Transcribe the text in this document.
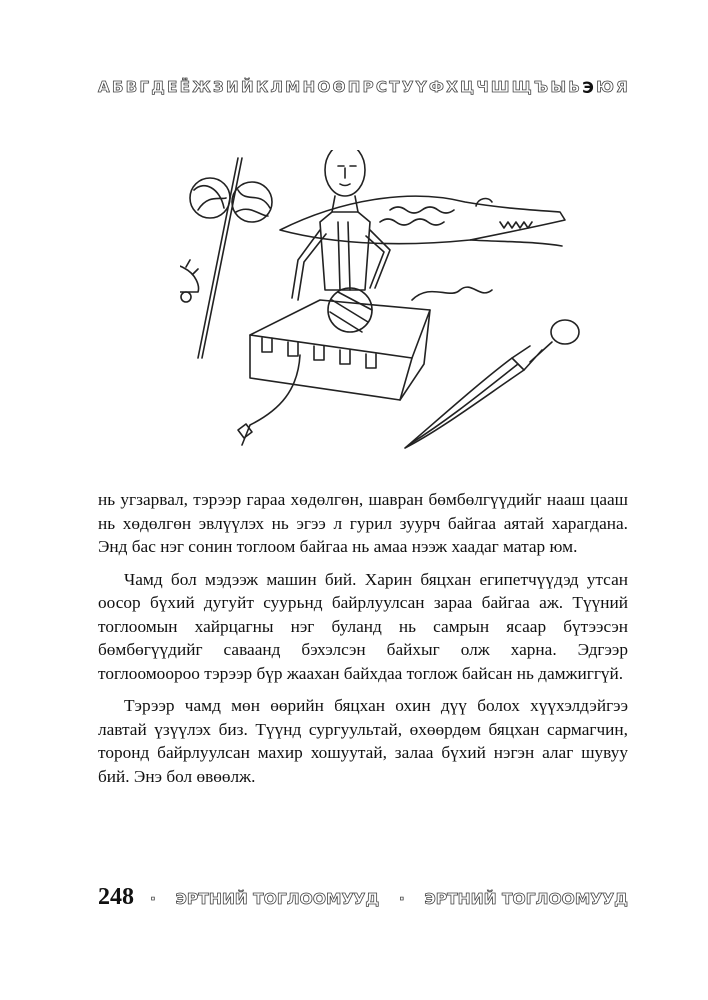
А Б В Г Д Е Ё Ж З И Й К Л М Н О Ө П Р С Т У Ү Ф Х Ц Ч Ш Щ Ъ Ы Ь Э Ю Я

нь угзарвал, тэрээр гараа хөдөлгөн, шавран бөмбөлгүүдийг нааш цааш нь хөдөлгөн эвлүүлэх нь эгээ л гурил зуурч байгаа аятай харагдана. Энд бас нэг сонин тоглоом байгаа нь амаа нээж хаадаг матар юм.

Чамд бол мэдээж машин бий. Харин бяцхан египетчүүдэд утсан оосор бүхий дугуйт суурьнд байрлуулсан зараа байгаа аж. Түүний тоглоомын хайрцагны нэг буланд нь самрын ясаар бүтээсэн бөмбөгүүдийг саваанд бэхэлсэн байхыг олж харна. Эдгээр тоглоомоороо тэрээр бүр жаахан байхдаа тоглож байсан нь дамжиггүй.

Тэрээр чамд мөн өөрийн бяцхан охин дүү болох хүүхэлдэйгээ лавтай үзүүлэх биз. Түүнд сургуультай, өхөөрдөм бяцхан сармагчин, торонд байрлуулсан махир хошуутай, залаа бүхий нэгэн алаг шувуу бий. Энэ бол өвөөлж.

248 · ЭРТНИЙ ТОГЛООМУУД · ЭРТНИЙ ТОГЛООМУУД
